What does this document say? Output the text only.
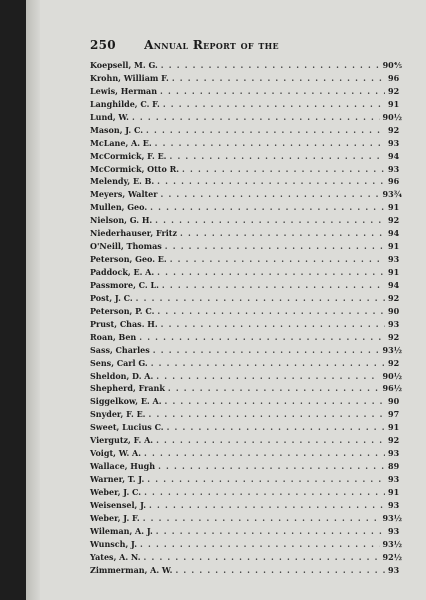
250 Annual Report of the
Koepsell, M. G. . . .	90⅘
Krohn, William F. . . .	96
Lewis, Herman . . .	92
Langhilde, C. F. . . .	91
Lund, W. . . .	90½
Mason, J. C. . . .	92
McLane, A. E. . . .	93
McCormick, F. E. . . .	94
McCormick, Otto R. . . .	93
Melendy, E. B. . . .	96
Meyers, Walter . . .	93¾
Mullen, Geo. . . .	91
Nielson, G. H. . . .	92
Niederhauser, Fritz . . .	94
O'Neill, Thomas . . .	91
Peterson, Geo. E. . . .	93
Paddock, E. A. . . .	91
Passmore, C. L. . . .	94
Post, J. C. . . .	92
Peterson, P. C. . . .	90
Prust, Chas. H. . . .	93
Roan, Ben . . .	92
Sass, Charles . . .	93½
Sens, Carl G. . . .	92
Sheldon, D. A. . . .	90½
Shepherd, Frank . . .	96½
Siggelkow, E. A. . . .	90
Snyder, F. E. . . .	97
Sweet, Lucius C. . . .	91
Viergutz, F. A. . . .	92
Voigt, W. A. . . .	93
Wallace, Hugh . . .	89
Warner, T. J. . . .	93
Weber, J. C. . . .	91
Weisensel, J. . . .	93
Weber, J. F. . . .	93½
Wileman, A. J. . . .	93
Wunsch, J. . . .	93½
Yates, A. N. . . .	92½
Zimmerman, A. W. . . .	93
